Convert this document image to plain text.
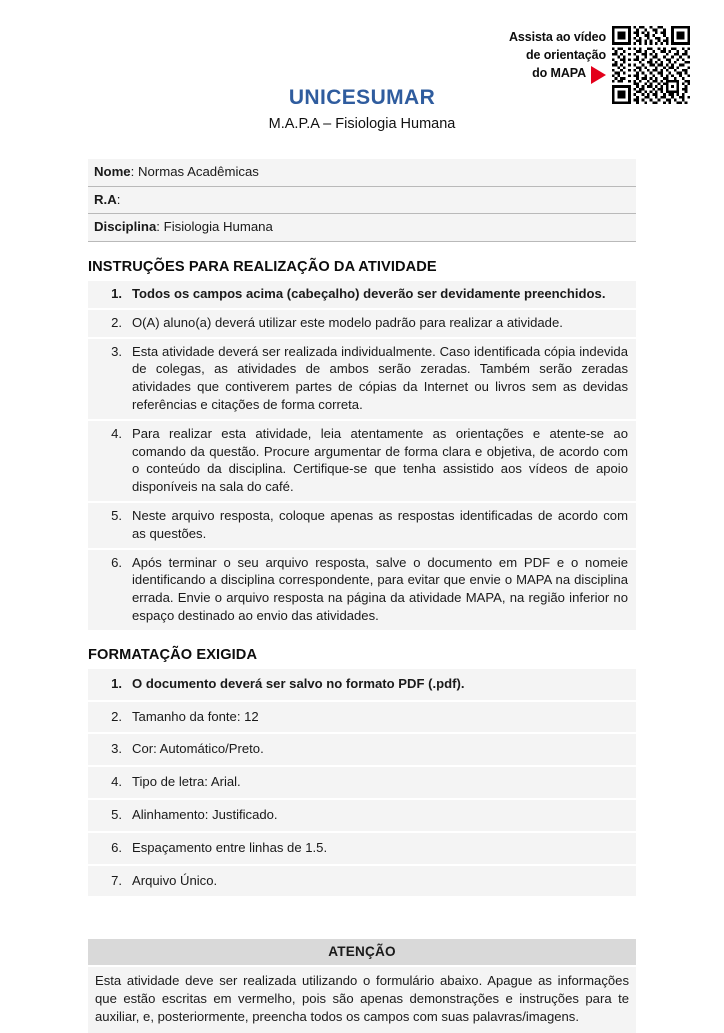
Assista ao vídeo
de orientação
do MAPA
UNICESUMAR
M.A.P.A – Fisiologia Humana
Nome: Normas Acadêmicas
R.A:
Disciplina: Fisiologia Humana
INSTRUÇÕES PARA REALIZAÇÃO DA ATIVIDADE
1. Todos os campos acima (cabeçalho) deverão ser devidamente preenchidos.
2. O(A) aluno(a) deverá utilizar este modelo padrão para realizar a atividade.
3. Esta atividade deverá ser realizada individualmente. Caso identificada cópia indevida de colegas, as atividades de ambos serão zeradas. Também serão zeradas atividades que contiverem partes de cópias da Internet ou livros sem as devidas referências e citações de forma correta.
4. Para realizar esta atividade, leia atentamente as orientações e atente-se ao comando da questão. Procure argumentar de forma clara e objetiva, de acordo com o conteúdo da disciplina. Certifique-se que tenha assistido aos vídeos de apoio disponíveis na sala do café.
5. Neste arquivo resposta, coloque apenas as respostas identificadas de acordo com as questões.
6. Após terminar o seu arquivo resposta, salve o documento em PDF e o nomeie identificando a disciplina correspondente, para evitar que envie o MAPA na disciplina errada. Envie o arquivo resposta na página da atividade MAPA, na região inferior no espaço destinado ao envio das atividades.
FORMATAÇÃO EXIGIDA
1. O documento deverá ser salvo no formato PDF (.pdf).
2. Tamanho da fonte: 12
3. Cor: Automático/Preto.
4. Tipo de letra: Arial.
5. Alinhamento: Justificado.
6. Espaçamento entre linhas de 1.5.
7. Arquivo Único.
ATENÇÃO
Esta atividade deve ser realizada utilizando o formulário abaixo. Apague as informações que estão escritas em vermelho, pois são apenas demonstrações e instruções para te auxiliar, e, posteriormente, preencha todos os campos com suas palavras/imagens.
